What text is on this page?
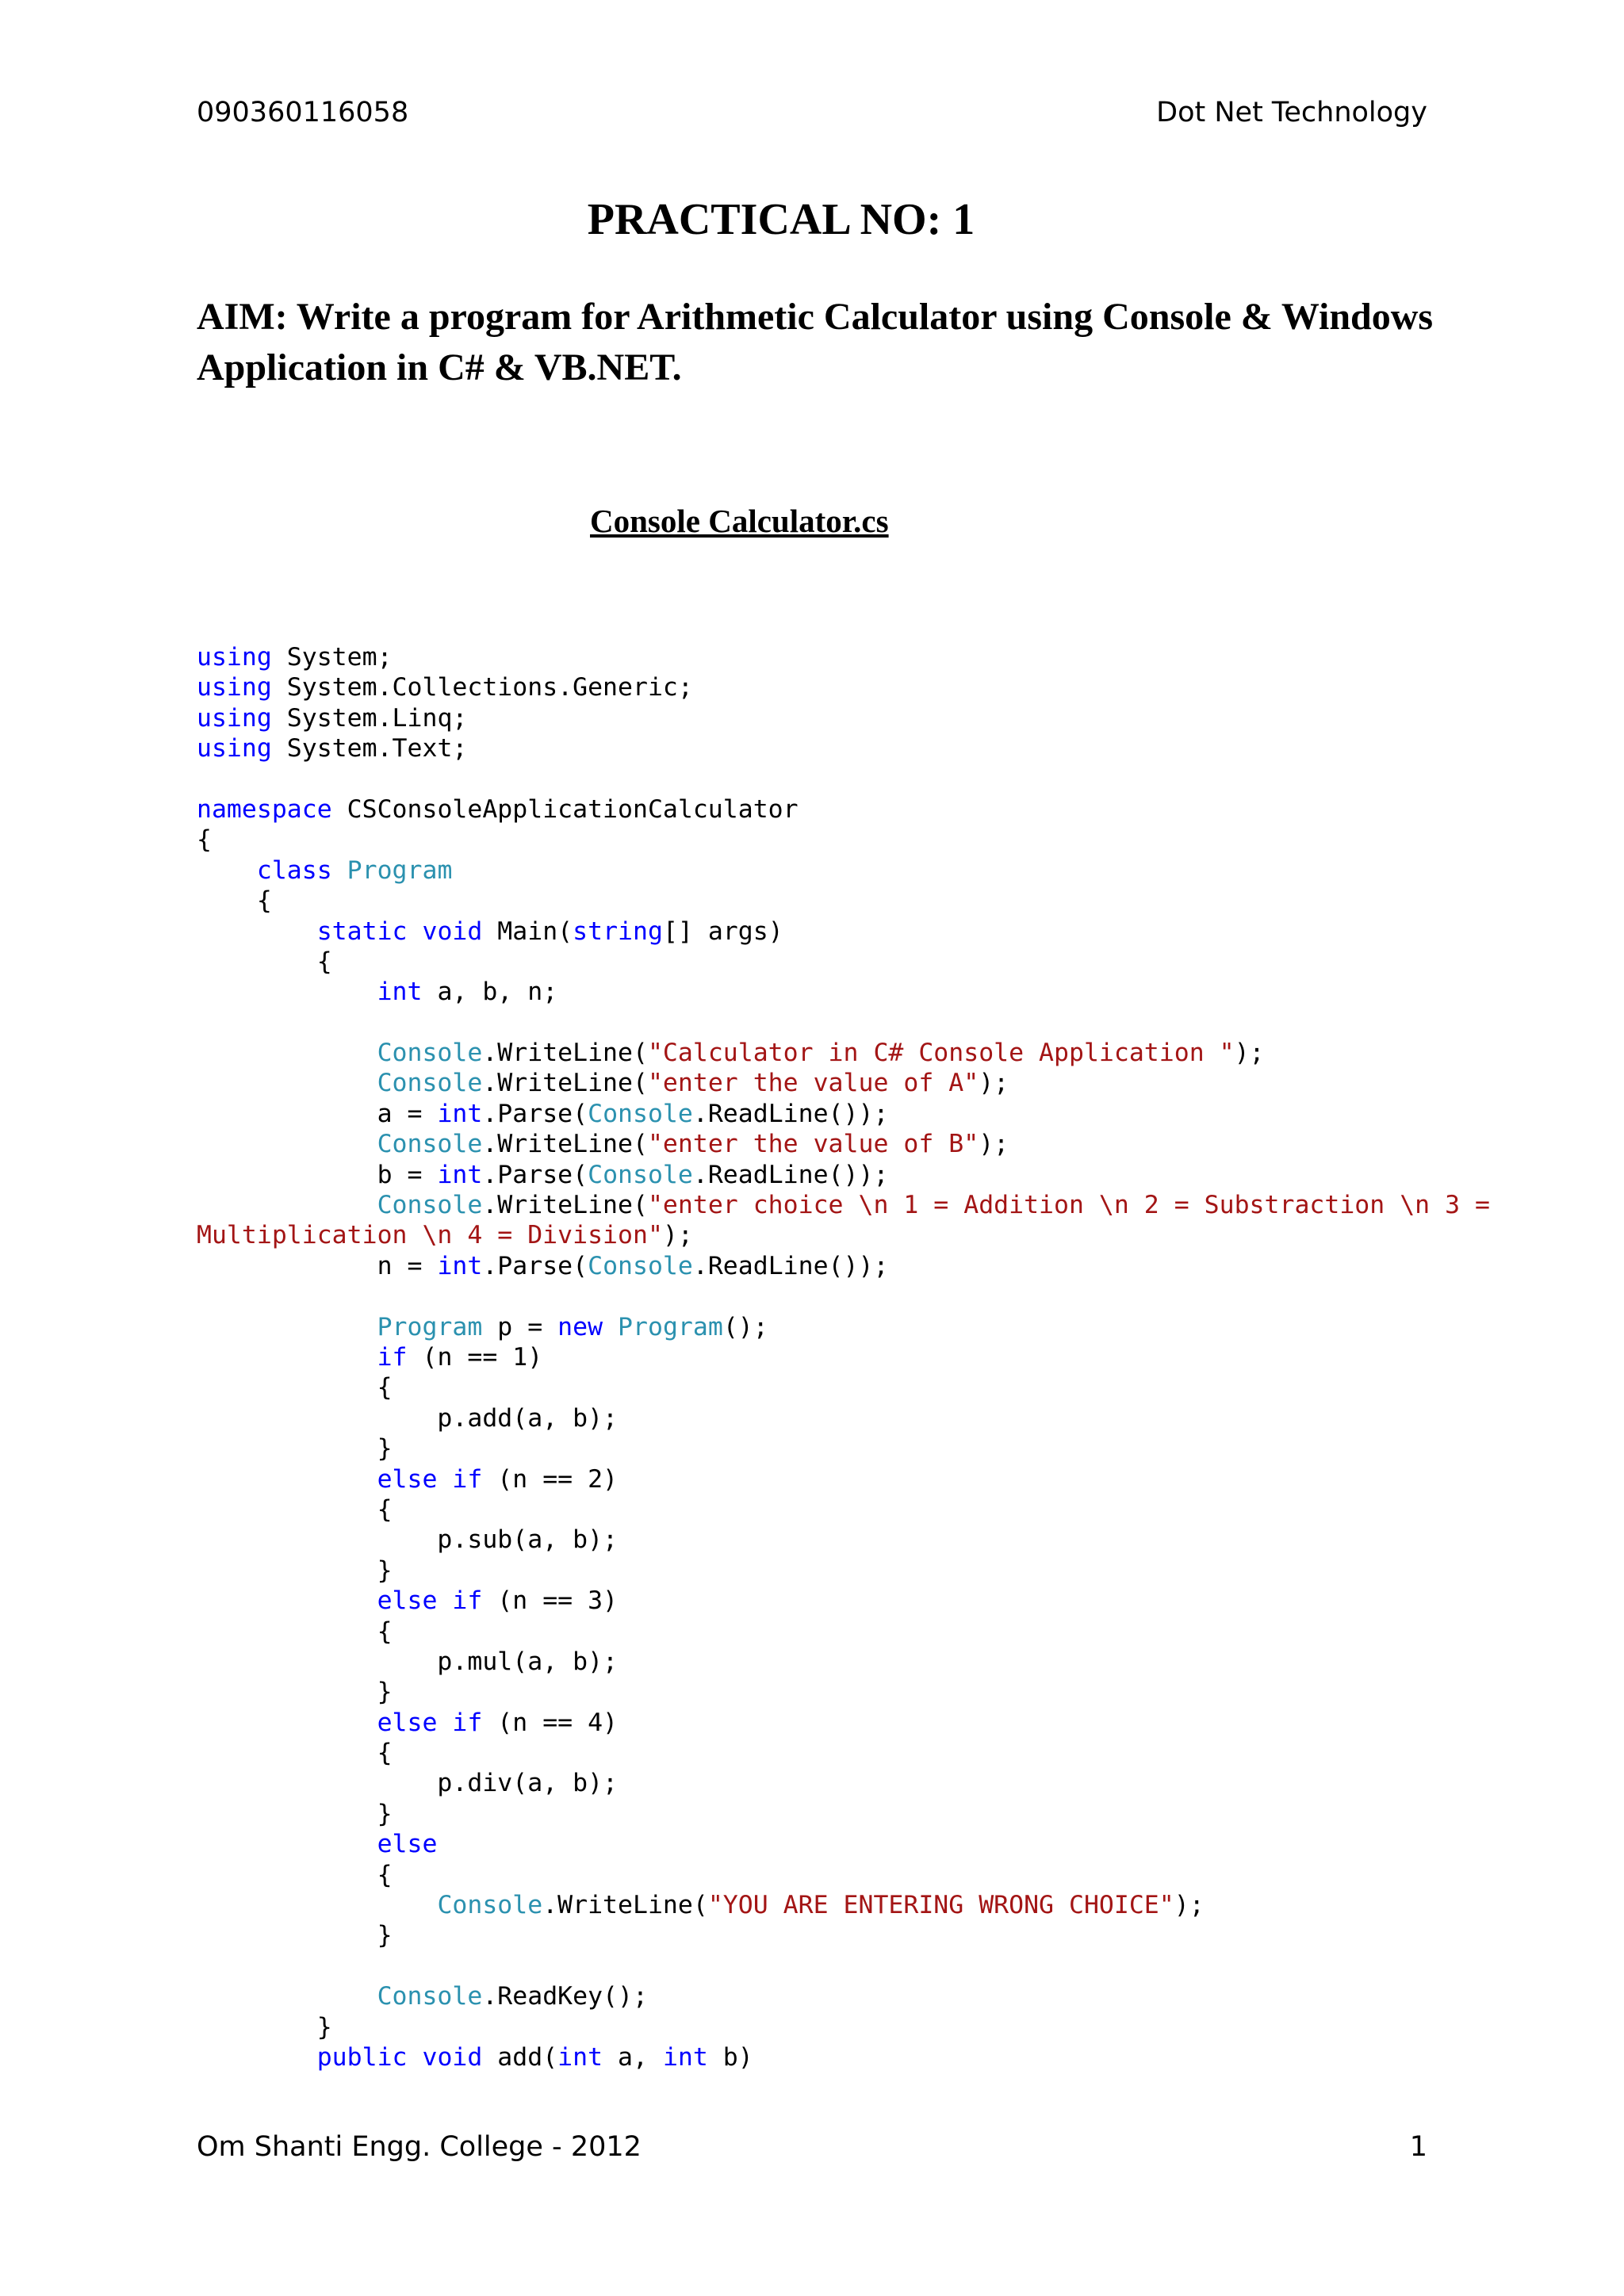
090360116058	Dot Net Technology
PRACTICAL NO: 1

AIM: Write a program for Arithmetic Calculator using Console & Windows Application in C# & VB.NET.

Console Calculator.cs
using System;
using System.Collections.Generic;
using System.Linq;
using System.Text;

namespace CSConsoleApplicationCalculator
{
class Program
{
static void Main(string[] args)
{
int a, b, n;

Console.WriteLine("Calculator in C# Console Application ");
Console.WriteLine("enter the value of A");
a = int.Parse(Console.ReadLine());
Console.WriteLine("enter the value of B");
b = int.Parse(Console.ReadLine());
Console.WriteLine("enter choice \n 1 = Addition \n 2 = Substraction \n 3 =
Multiplication \n 4 = Division");
n = int.Parse(Console.ReadLine());

Program p = new Program();
if (n == 1)
{
p.add(a, b);
}
else if (n == 2)
{
p.sub(a, b);
}
else if (n == 3)
{
p.mul(a, b);
}
else if (n == 4)
{
p.div(a, b);
}
else
{
Console.WriteLine("YOU ARE ENTERING WRONG CHOICE");
}

Console.ReadKey();
}
public void add(int a, int b)
Om Shanti Engg. College - 2012	1
